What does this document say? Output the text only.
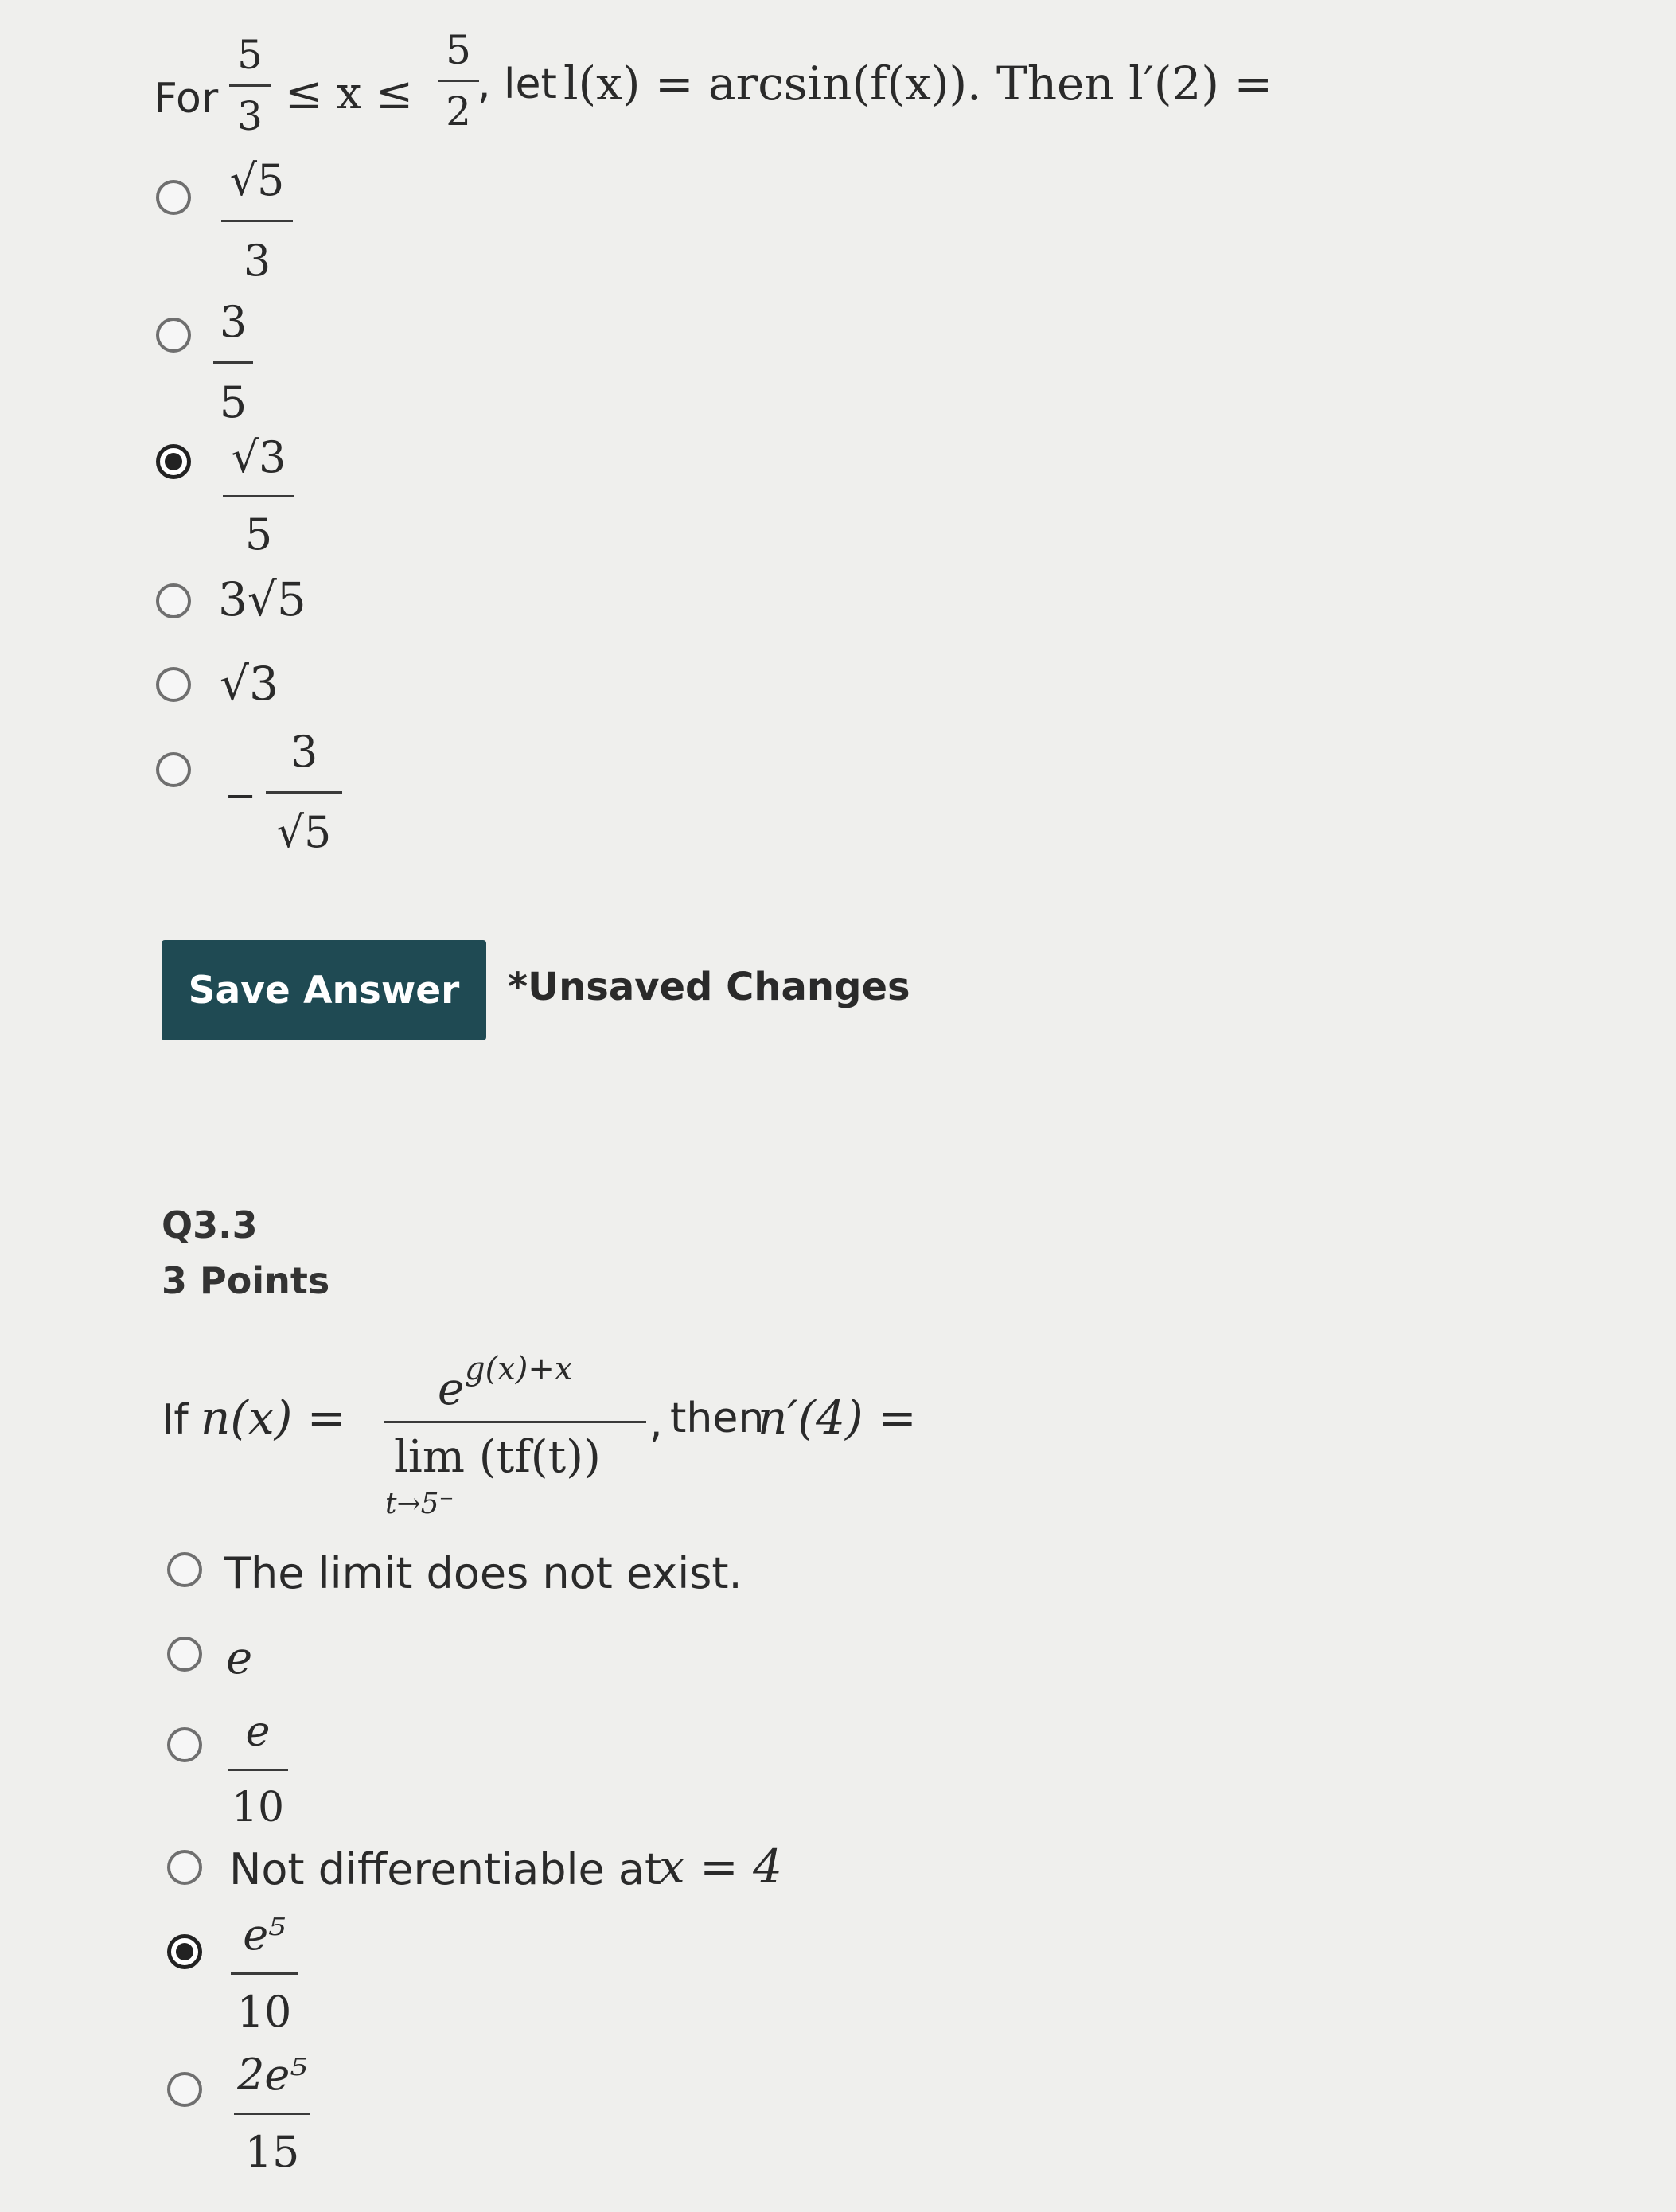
For
5
3 ≤ x ≤
5
2
, let l(x) = arcsin(f(x)). Then l′(2) =
√5
3
3
5
√3
5
3√5
√3
−
3
√5
Save Answer	*Unsaved Changes
Q3.3
3 Points
If n(x) =
e g(x)+x
lim (tf(t))
t→5⁻
, then
n′(4) =
The limit does not exist.
e
e
10
Not differentiable at
x = 4
e⁵
10
2e⁵
15
